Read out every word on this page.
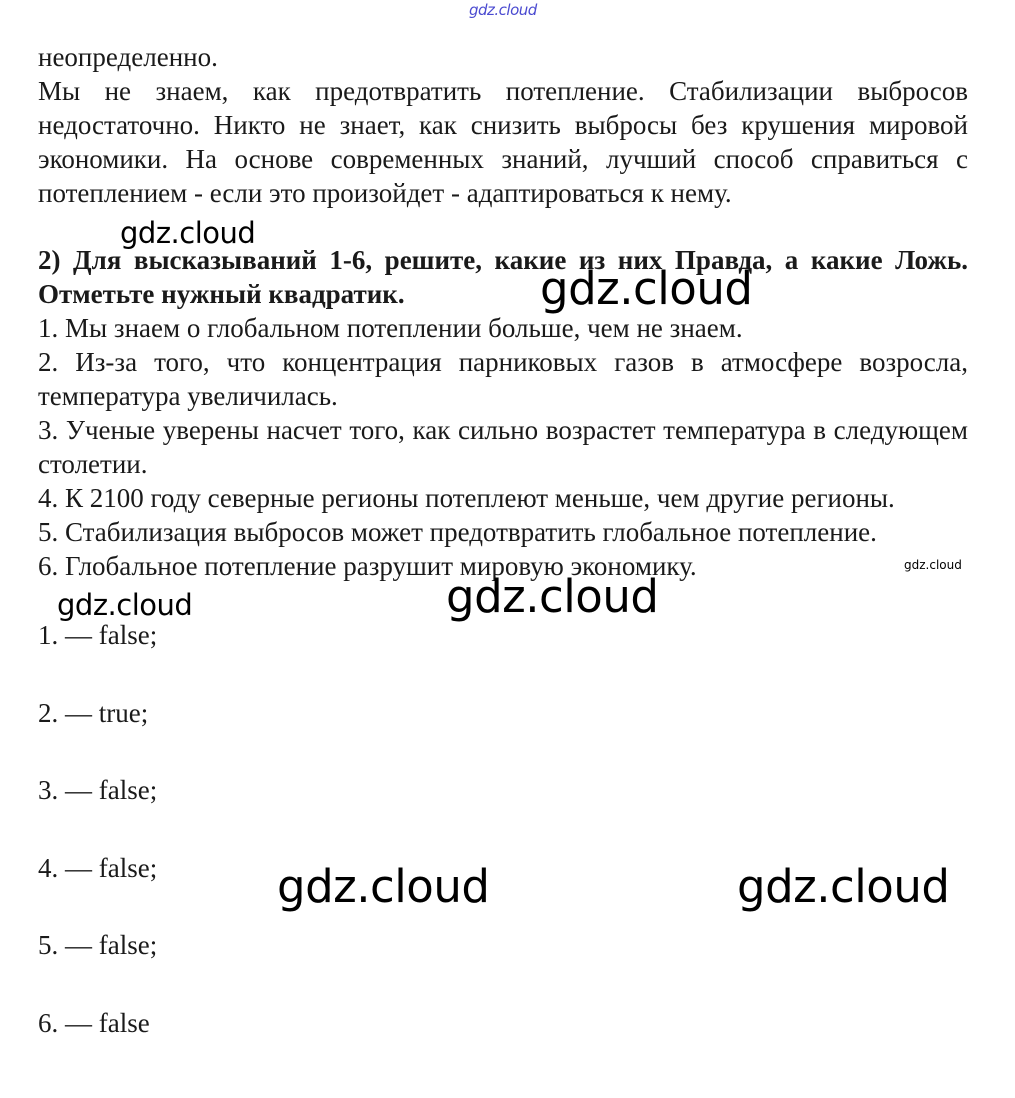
gdz.cloud

неопределенно.

Мы не знаем, как предотвратить потепление. Стабилизации выбросов недостаточно. Никто не знает, как снизить выбросы без крушения мировой экономики. На основе современных знаний, лучший способ справиться с потеплением - если это произойдет - адаптироваться к нему.

2) Для высказываний 1-6, решите, какие из них Правда, а какие Ложь. Отметьте нужный квадратик.

1. Мы знаем о глобальном потеплении больше, чем не знаем.

2. Из-за того, что концентрация парниковых газов в атмосфере возросла, температура увеличилась.

3. Ученые уверены насчет того, как сильно возрастет температура в следующем столетии.

4. К 2100 году северные регионы потеплеют меньше, чем другие регионы.

5. Стабилизация выбросов может предотвратить глобальное потепление.

6. Глобальное потепление разрушит мировую экономику.

1. — false;
2. — true;
3. — false;
4. — false;
5. — false;
6. — false
gdz.cloud
gdz.cloud
gdz.cloud
gdz.cloud	gdz.cloud
gdz.cloud	gdz.cloud
